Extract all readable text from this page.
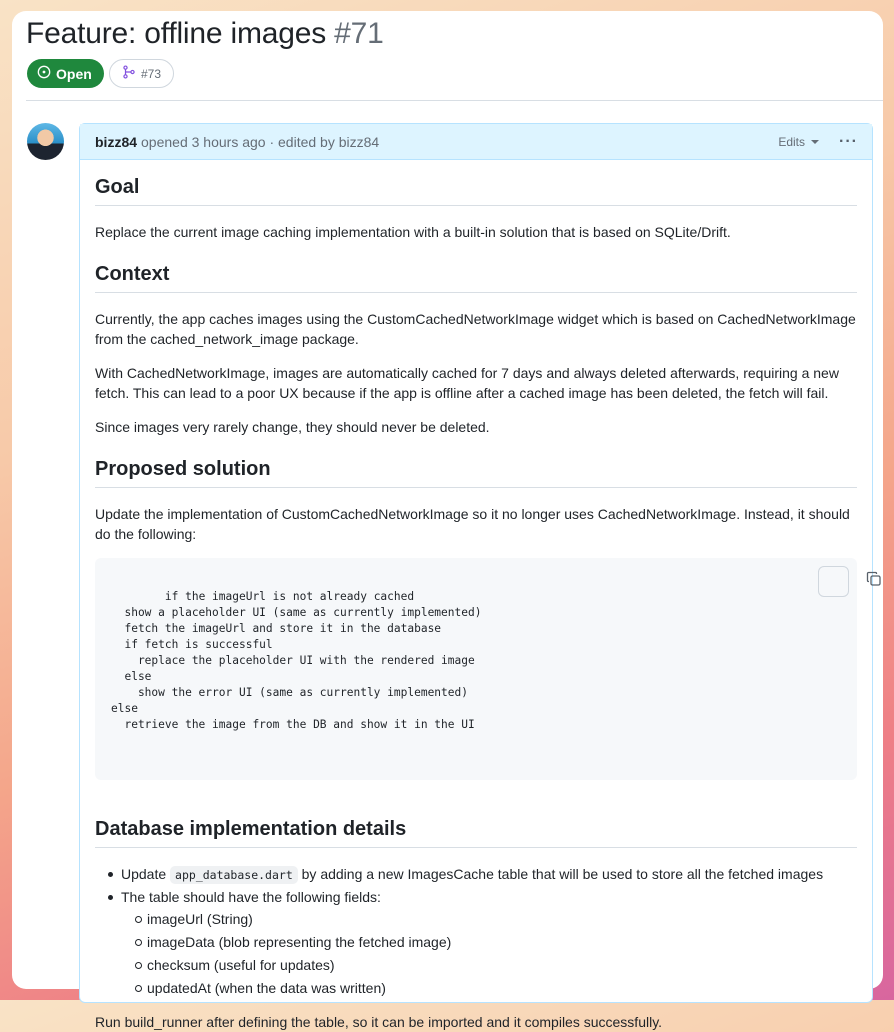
Feature: offline images #71
Open	#73
bizz84 opened 3 hours ago · edited by bizz84	Edits ···
Goal

Replace the current image caching implementation with a built-in solution that is based on SQLite/Drift.

Context

Currently, the app caches images using the CustomCachedNetworkImage widget which is based on CachedNetworkImage from the cached_network_image package.

With CachedNetworkImage, images are automatically cached for 7 days and always deleted afterwards, requiring a new fetch. This can lead to a poor UX because if the app is offline after a cached image has been deleted, the fetch will fail.

Since images very rarely change, they should never be deleted.

Proposed solution

Update the implementation of CustomCachedNetworkImage so it no longer uses CachedNetworkImage. Instead, it should do the following:

if the imageUrl is not already cached
show a placeholder UI (same as currently implemented)
fetch the imageUrl and store it in the database
if fetch is successful
replace the placeholder UI with the rendered image
else
show the error UI (same as currently implemented)
else
retrieve the image from the DB and show it in the UI

Database implementation details
Update app_database.dart by adding a new ImagesCache table that will be used to store all the fetched images
The table should have the following fields:
imageUrl (String)
imageData (blob representing the fetched image)
checksum (useful for updates)
updatedAt (when the data was written)

Run build_runner after defining the table, so it can be imported and it compiles successfully.
